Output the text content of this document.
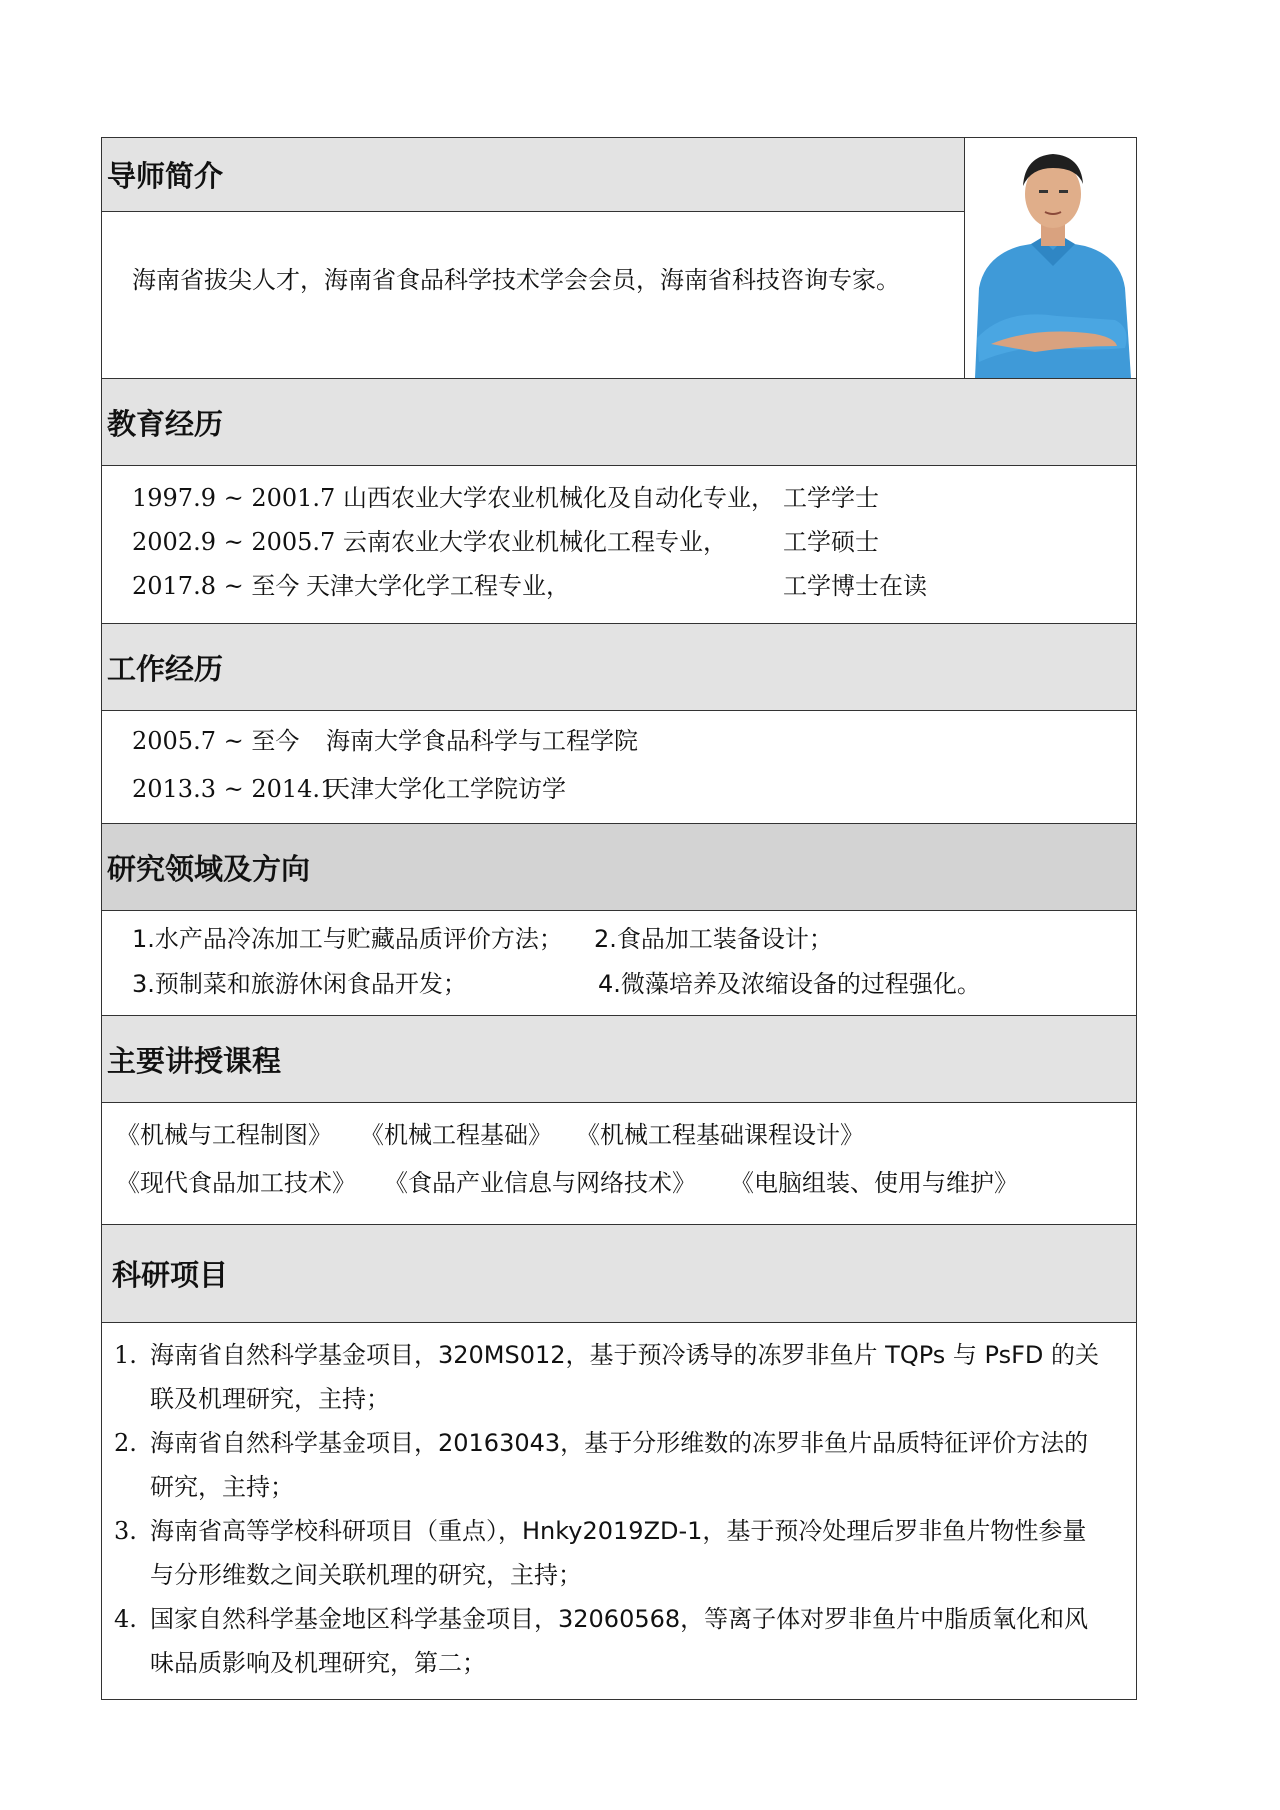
导师简介
海南省拔尖人才，海南省食品科学技术学会会员，海南省科技咨询专家。
教育经历
1997.9 ~ 2001.7 山西农业大学农业机械化及自动化专业， 工学学士
2002.9 ~ 2005.7 云南农业大学农业机械化工程专业， 工学硕士
2017.8 ~ 至今 天津大学化学工程专业，	工学博士在读
工作经历
2005.7 ~ 至今 海南大学食品科学与工程学院
2013.3 ~ 2014.1
天津大学化工学院访学
研究领域及方向
1.水产品冷冻加工与贮藏品质评价方法； 2.食品加工装备设计；
3.预制菜和旅游休闲食品开发；	4.微藻培养及浓缩设备的过程强化。
主要讲授课程
《机械与工程制图》 《机械工程基础》 《机械工程基础课程设计》
《现代食品加工技术》 《食品产业信息与网络技术》 《电脑组装、使用与维护》
科研项目
1. 海南省自然科学基金项目，320MS012，基于预冷诱导的冻罗非鱼片 TQPs 与 PsFD 的关
联及机理研究，主持；
2. 海南省自然科学基金项目，20163043，基于分形维数的冻罗非鱼片品质特征评价方法的
研究，主持；
3. 海南省高等学校科研项目（重点），Hnky2019ZD-1，基于预冷处理后罗非鱼片物性参量
与分形维数之间关联机理的研究，主持；
4. 国家自然科学基金地区科学基金项目，32060568，等离子体对罗非鱼片中脂质氧化和风
味品质影响及机理研究，第二；
